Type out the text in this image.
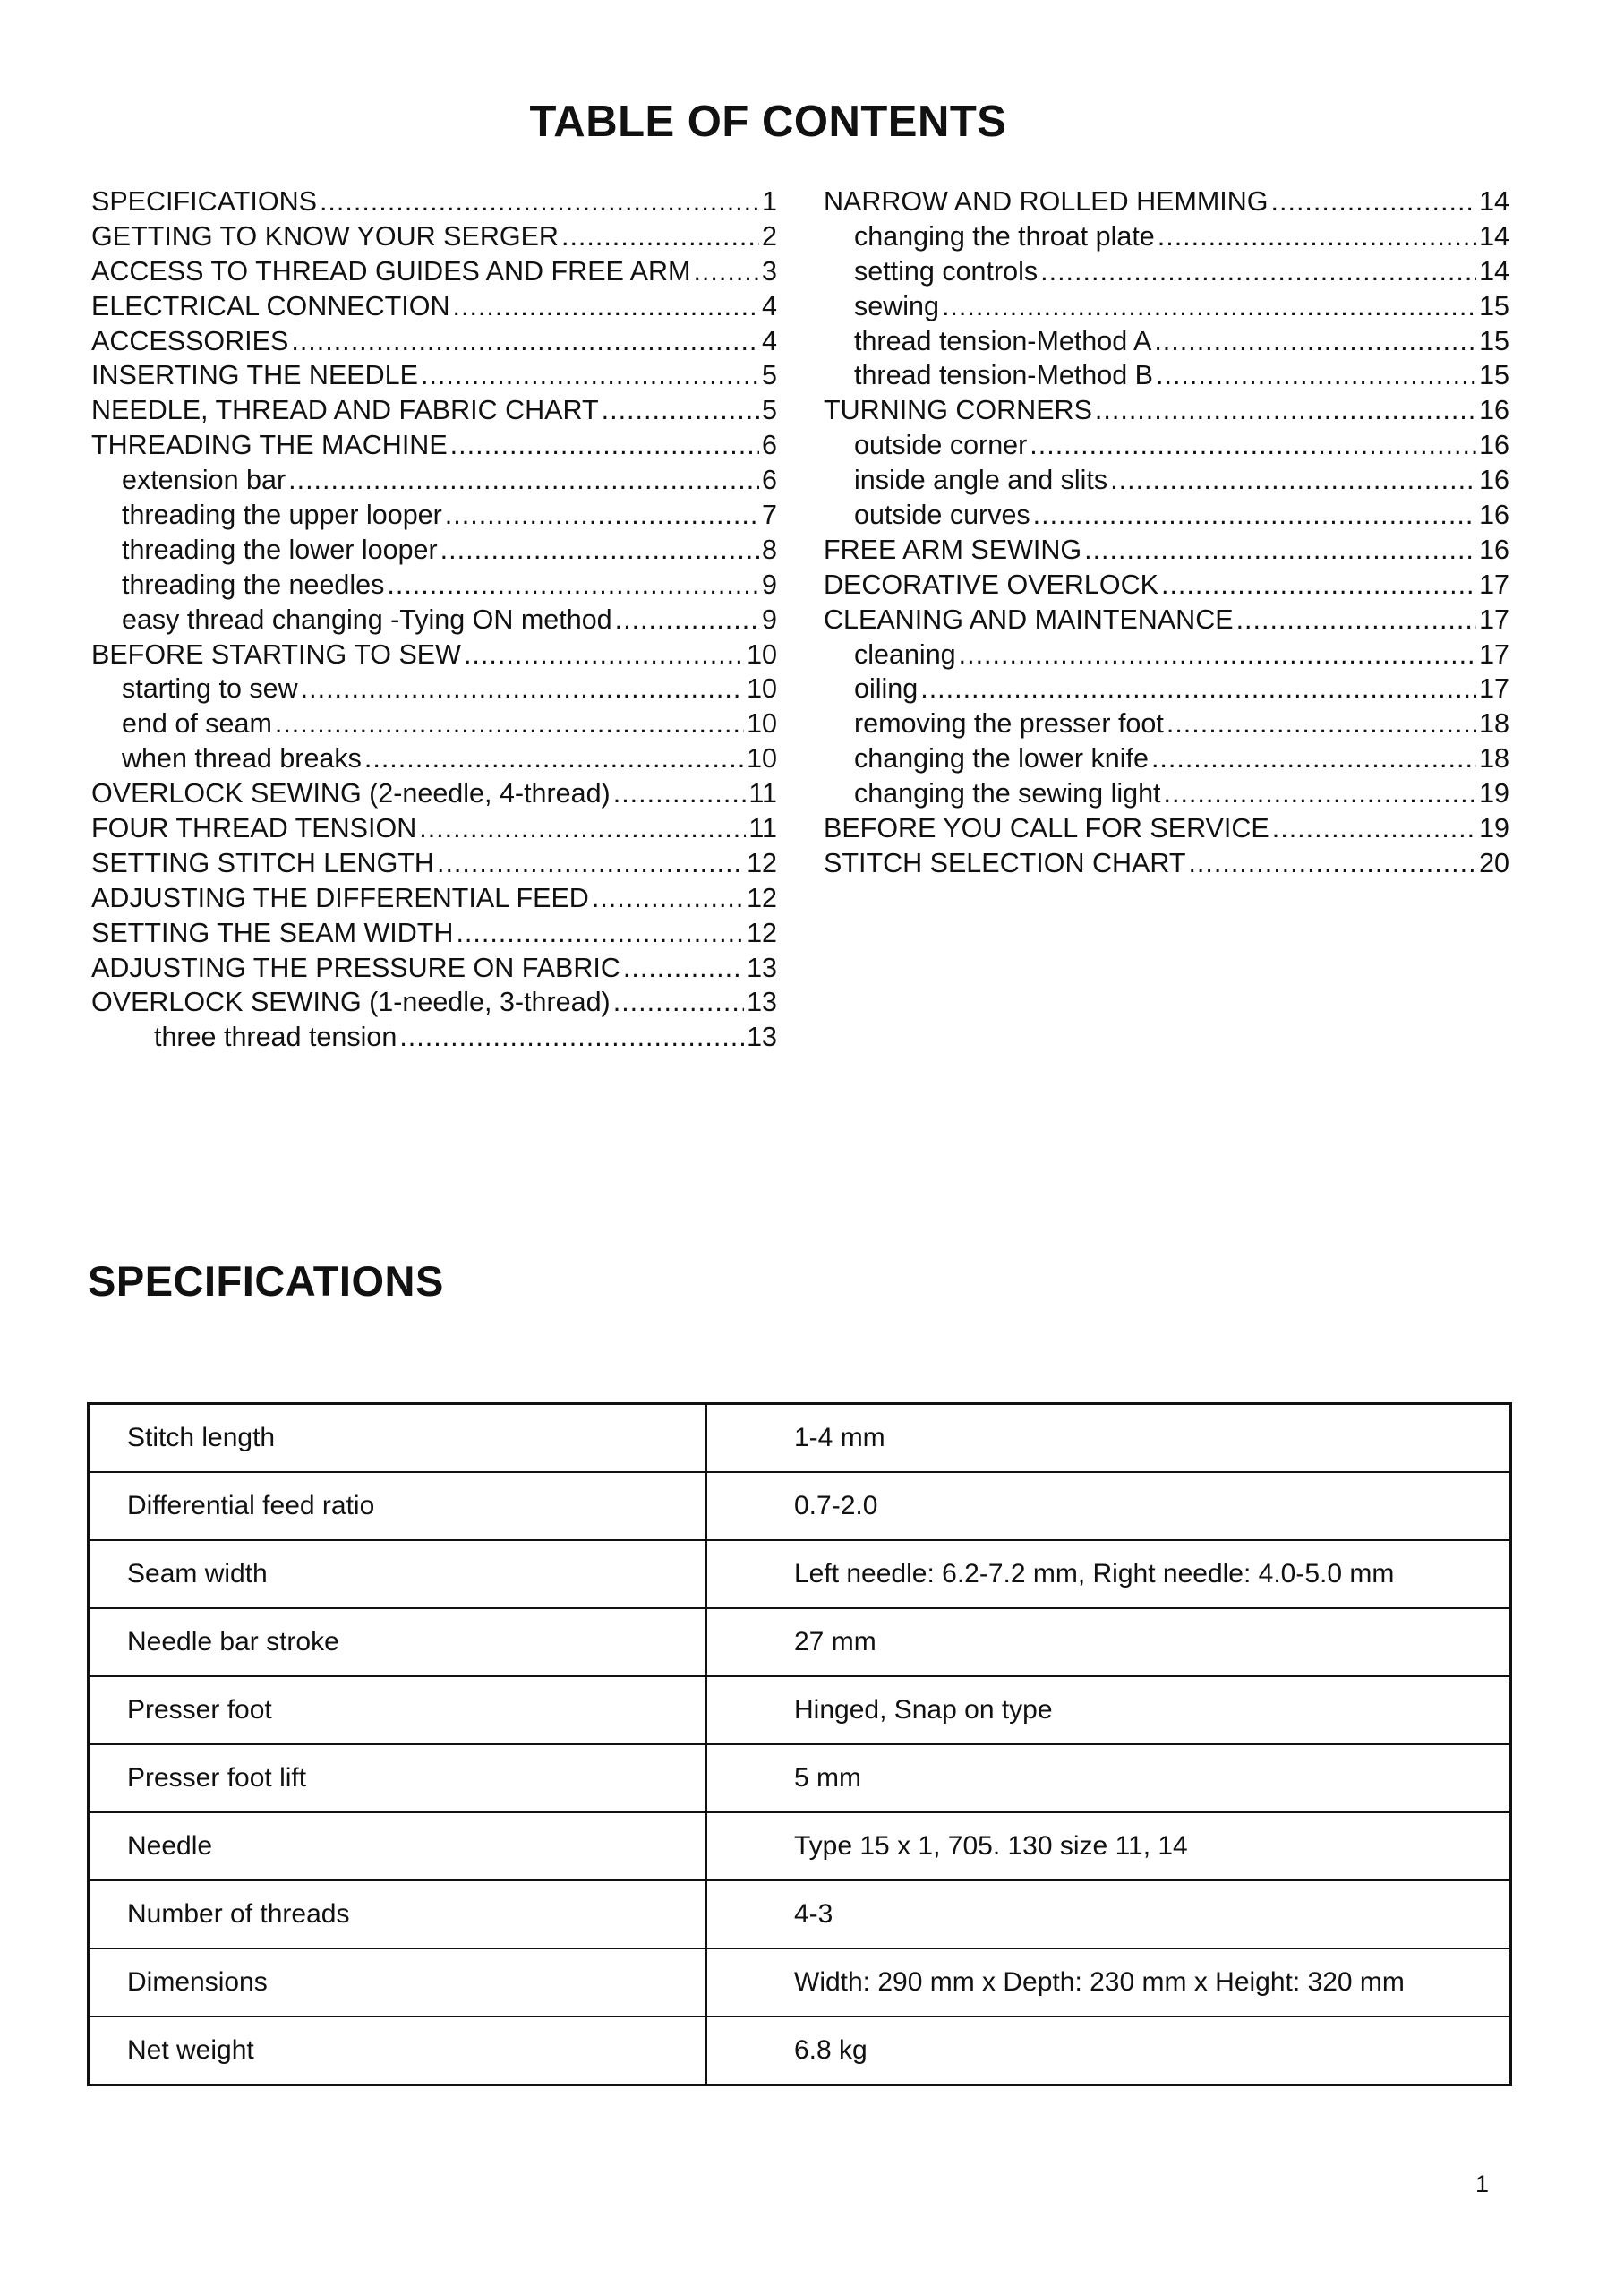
TABLE OF CONTENTS
SPECIFICATIONS .....	1
GETTING TO KNOW YOUR SERGER .....	2
ACCESS TO THREAD GUIDES AND FREE ARM .....	3
ELECTRICAL CONNECTION .....	4
ACCESSORIES .....	4
INSERTING THE NEEDLE .....	5
NEEDLE, THREAD AND FABRIC CHART .....	5
THREADING THE MACHINE .....	6
extension bar .....	6
threading the upper looper .....	7
threading the lower looper .....	8
threading the needles .....	9
easy thread changing -Tying ON method .....	9
BEFORE STARTING TO SEW .....	10
starting to sew .....	10
end of seam .....	10
when thread breaks .....	10
OVERLOCK SEWING (2-needle, 4-thread) .....	11
FOUR THREAD TENSION .....	11
SETTING STITCH LENGTH .....	12
ADJUSTING THE DIFFERENTIAL FEED .....	12
SETTING THE SEAM WIDTH .....	12
ADJUSTING THE PRESSURE ON FABRIC .....	13
OVERLOCK SEWING (1-needle, 3-thread) .....	13
three thread tension .....	13
NARROW AND ROLLED HEMMING .....	14
changing the throat plate .....	14
setting controls .....	14
sewing .....	15
thread tension-Method A .....	15
thread tension-Method B .....	15
TURNING CORNERS .....	16
outside corner .....	16
inside angle and slits .....	16
outside curves .....	16
FREE ARM SEWING .....	16
DECORATIVE OVERLOCK .....	17
CLEANING AND MAINTENANCE .....	17
cleaning .....	17
oiling .....	17
removing the presser foot .....	18
changing the lower knife .....	18
changing the sewing light .....	19
BEFORE YOU CALL FOR SERVICE .....	19
STITCH SELECTION CHART .....	20
SPECIFICATIONS
Stitch length	1-4 mm
Differential feed ratio	0.7-2.0
Seam width	Left needle: 6.2-7.2 mm, Right needle: 4.0-5.0 mm
Needle bar stroke	27 mm
Presser foot	Hinged, Snap on type
Presser foot lift	5 mm
Needle	Type 15 x 1, 705. 130 size 11, 14
Number of threads	4-3
Dimensions	Width: 290 mm x Depth: 230 mm x Height: 320 mm
Net weight	6.8 kg
1
